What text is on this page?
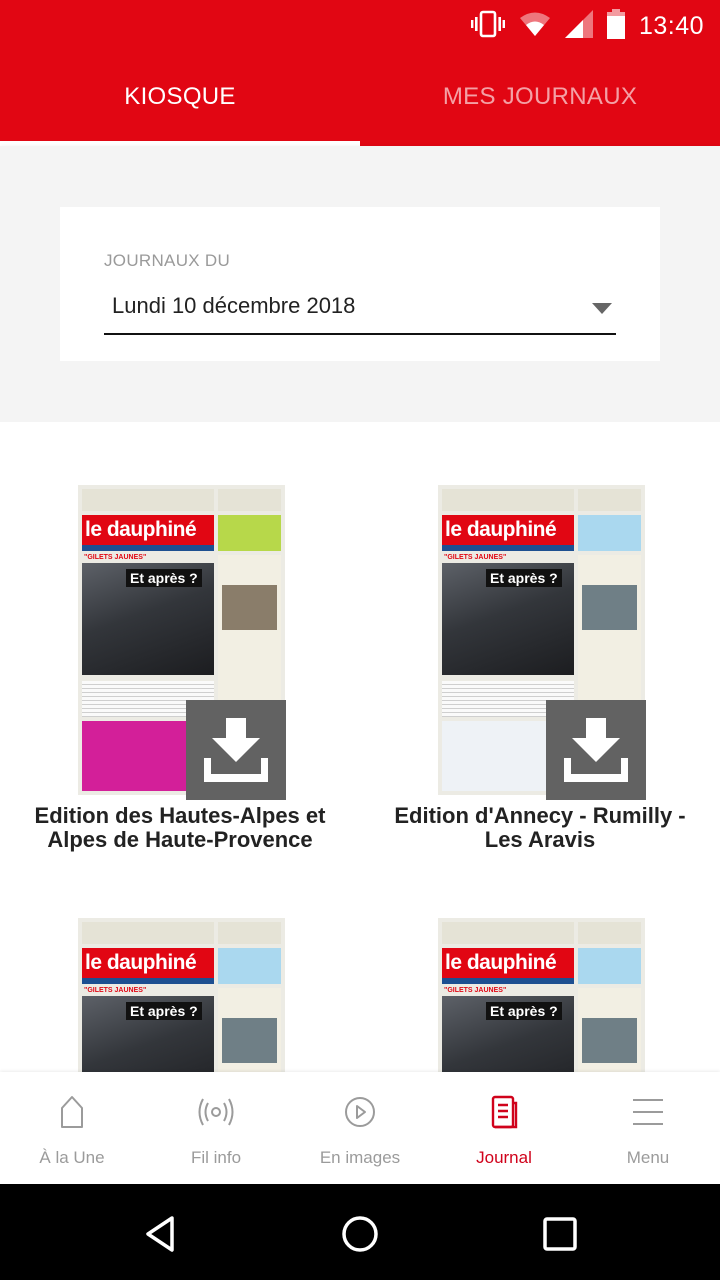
13:40
KIOSQUE	MES JOURNAUX
JOURNAUX DU
Lundi 10 décembre 2018
le dauphiné
"GILETS JAUNES"
Et après ?
Edition des Hautes-Alpes et
Alpes de Haute-Provence
le dauphiné
"GILETS JAUNES"
Et après ?
Edition d'Annecy - Rumilly -
Les Aravis
le dauphiné
"GILETS JAUNES"
Et après ?
le dauphiné
"GILETS JAUNES"
Et après ?
À la Une	Fil info	En images	Journal	Menu
